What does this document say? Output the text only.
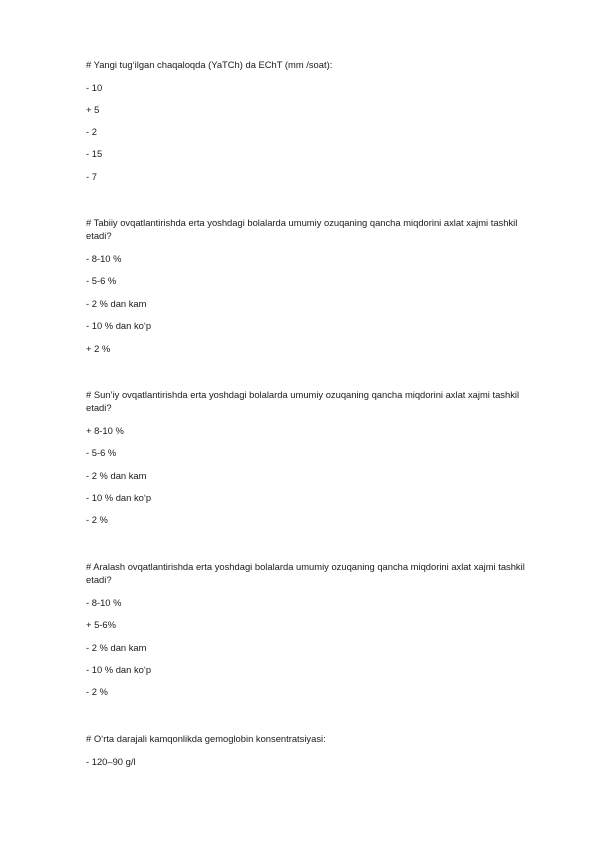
# Yangi tug‘ilgan chaqaloqda (YaTCh) da EChT (mm /soat):
- 10
+ 5
- 2
- 15
- 7
# Tabiiy ovqatlantirishda erta yoshdagi bolalarda umumiy ozuqaning qancha miqdorini axlat xajmi tashkil etadi?
- 8-10 %
- 5-6 %
- 2 % dan kam
- 10 % dan ko‘p
+ 2 %
# Sun’iy ovqatlantirishda erta yoshdagi bolalarda umumiy ozuqaning qancha miqdorini axlat xajmi tashkil etadi?
+ 8-10 %
- 5-6 %
- 2 % dan kam
- 10 % dan ko‘p
- 2 %
# Aralash ovqatlantirishda erta yoshdagi bolalarda umumiy ozuqaning qancha miqdorini axlat xajmi tashkil etadi?
- 8-10 %
+ 5-6%
- 2 % dan kam
- 10 % dan ko‘p
- 2 %
# O‘rta darajali kamqonlikda gemoglobin konsentratsiyasi:
- 120–90 g/l
